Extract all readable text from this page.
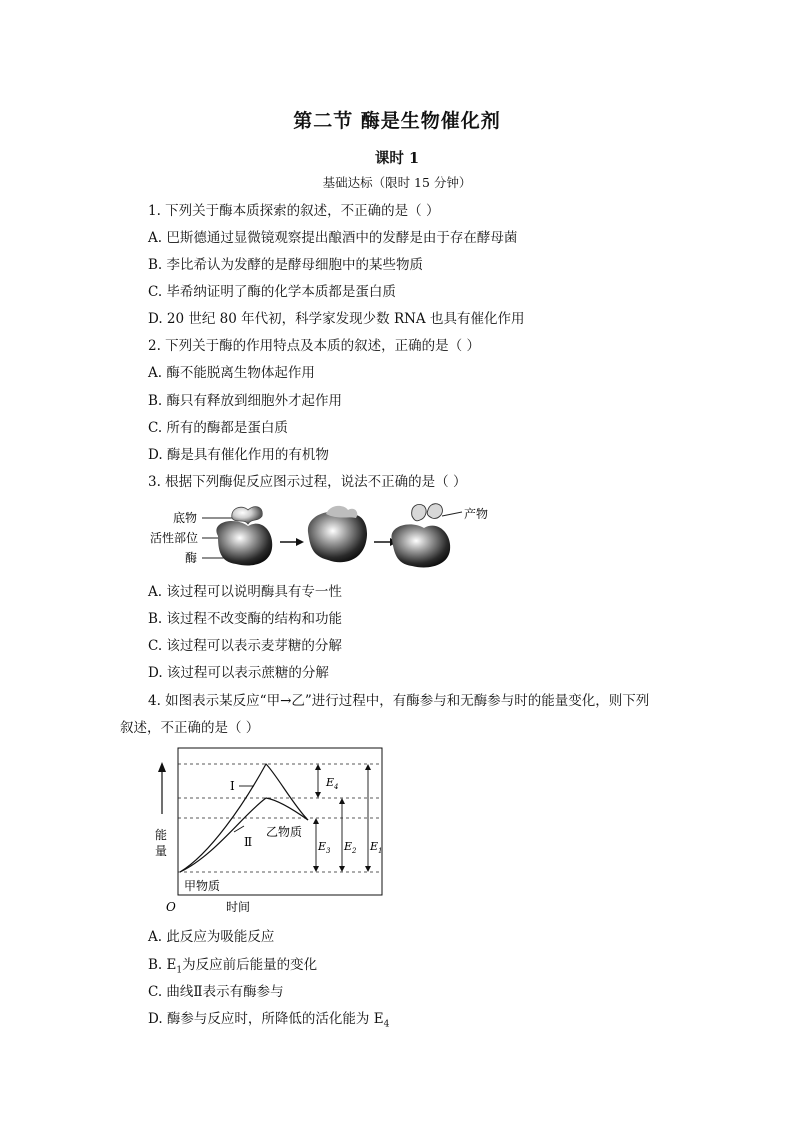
第二节 酶是生物催化剂
课时 1
基础达标（限时 15 分钟）
1. 下列关于酶本质探索的叙述，不正确的是（ ）
A. 巴斯德通过显微镜观察提出酿酒中的发酵是由于存在酵母菌
B. 李比希认为发酵的是酵母细胞中的某些物质
C. 毕希纳证明了酶的化学本质都是蛋白质
D. 20 世纪 80 年代初，科学家发现少数 RNA 也具有催化作用
2. 下列关于酶的作用特点及本质的叙述，正确的是（ ）
A. 酶不能脱离生物体起作用
B. 酶只有释放到细胞外才起作用
C. 所有的酶都是蛋白质
D. 酶是具有催化作用的有机物
3. 根据下列酶促反应图示过程，说法不正确的是（ ）
底物
活性部位
酶
产物
A. 该过程可以说明酶具有专一性
B. 该过程不改变酶的结构和功能
C. 该过程可以表示麦芽糖的分解
D. 该过程可以表示蔗糖的分解
4. 如图表示某反应“甲→乙”进行过程中，有酶参与和无酶参与时的能量变化，则下列
叙述，不正确的是（ ）
能
量
Ⅰ
Ⅱ
乙物质
甲物质
$E_4$
$E_3$ $E_2$ $E_1$
O	时间
A. 此反应为吸能反应
B. $E_1$为反应前后能量的变化
C. 曲线Ⅱ表示有酶参与
D. 酶参与反应时，所降低的活化能为 $E_4$
